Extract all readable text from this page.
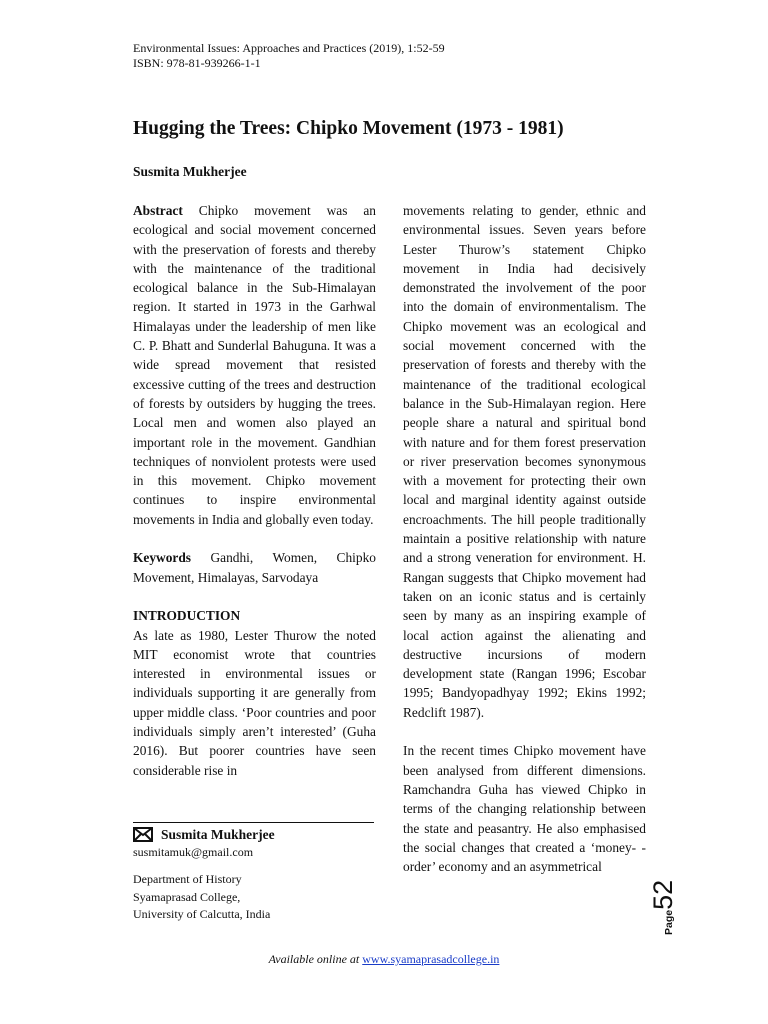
Environmental Issues: Approaches and Practices (2019), 1:52-59
ISBN: 978-81-939266-1-1
Hugging the Trees: Chipko Movement (1973 - 1981)
Susmita Mukherjee

Abstract Chipko movement was an ecological and social movement concerned with the preservation of forests and thereby with the maintenance of the traditional ecological balance in the Sub-Himalayan region. It started in 1973 in the Garhwal Himalayas under the leadership of men like C. P. Bhatt and Sunderlal Bahuguna. It was a wide spread movement that resisted excessive cutting of the trees and destruction of forests by outsiders by hugging the trees. Local men and women also played an important role in the movement. Gandhian techniques of nonviolent protests were used in this movement. Chipko movement continues to inspire environmental movements in India and globally even today.

Keywords Gandhi, Women, Chipko Movement, Himalayas, Sarvodaya

INTRODUCTION

As late as 1980, Lester Thurow the noted MIT economist wrote that countries interested in environmental issues or individuals supporting it are generally from upper middle class. ‘Poor countries and poor individuals simply aren’t interested’ (Guha 2016). But poorer countries have seen considerable rise in

movements relating to gender, ethnic and environmental issues. Seven years before Lester Thurow’s statement Chipko movement in India had decisively demonstrated the involvement of the poor into the domain of environmentalism. The Chipko movement was an ecological and social movement concerned with the preservation of forests and thereby with the maintenance of the traditional ecological balance in the Sub-Himalayan region. Here people share a natural and spiritual bond with nature and for them forest preservation or river preservation becomes synonymous with a movement for protecting their own local and marginal identity against outside encroachments. The hill people traditionally maintain a positive relationship with nature and a strong veneration for environment. H. Rangan suggests that Chipko movement had taken on an iconic status and is certainly seen by many as an inspiring example of local action against the alienating and destructive incursions of modern development state (Rangan 1996; Escobar 1995; Bandyopadhyay 1992; Ekins 1992; Redclift 1987).

In the recent times Chipko movement have been analysed from different dimensions. Ramchandra Guha has viewed Chipko in terms of the changing relationship between the state and peasantry. He also emphasised the social changes that created a ‘money- -order’ economy and an asymmetrical

Susmita Mukherjee
susmitamuk@gmail.com
Department of History
Syamaprasad College,
University of Calcutta, India	Page52
Available online at www.syamaprasadcollege.in
